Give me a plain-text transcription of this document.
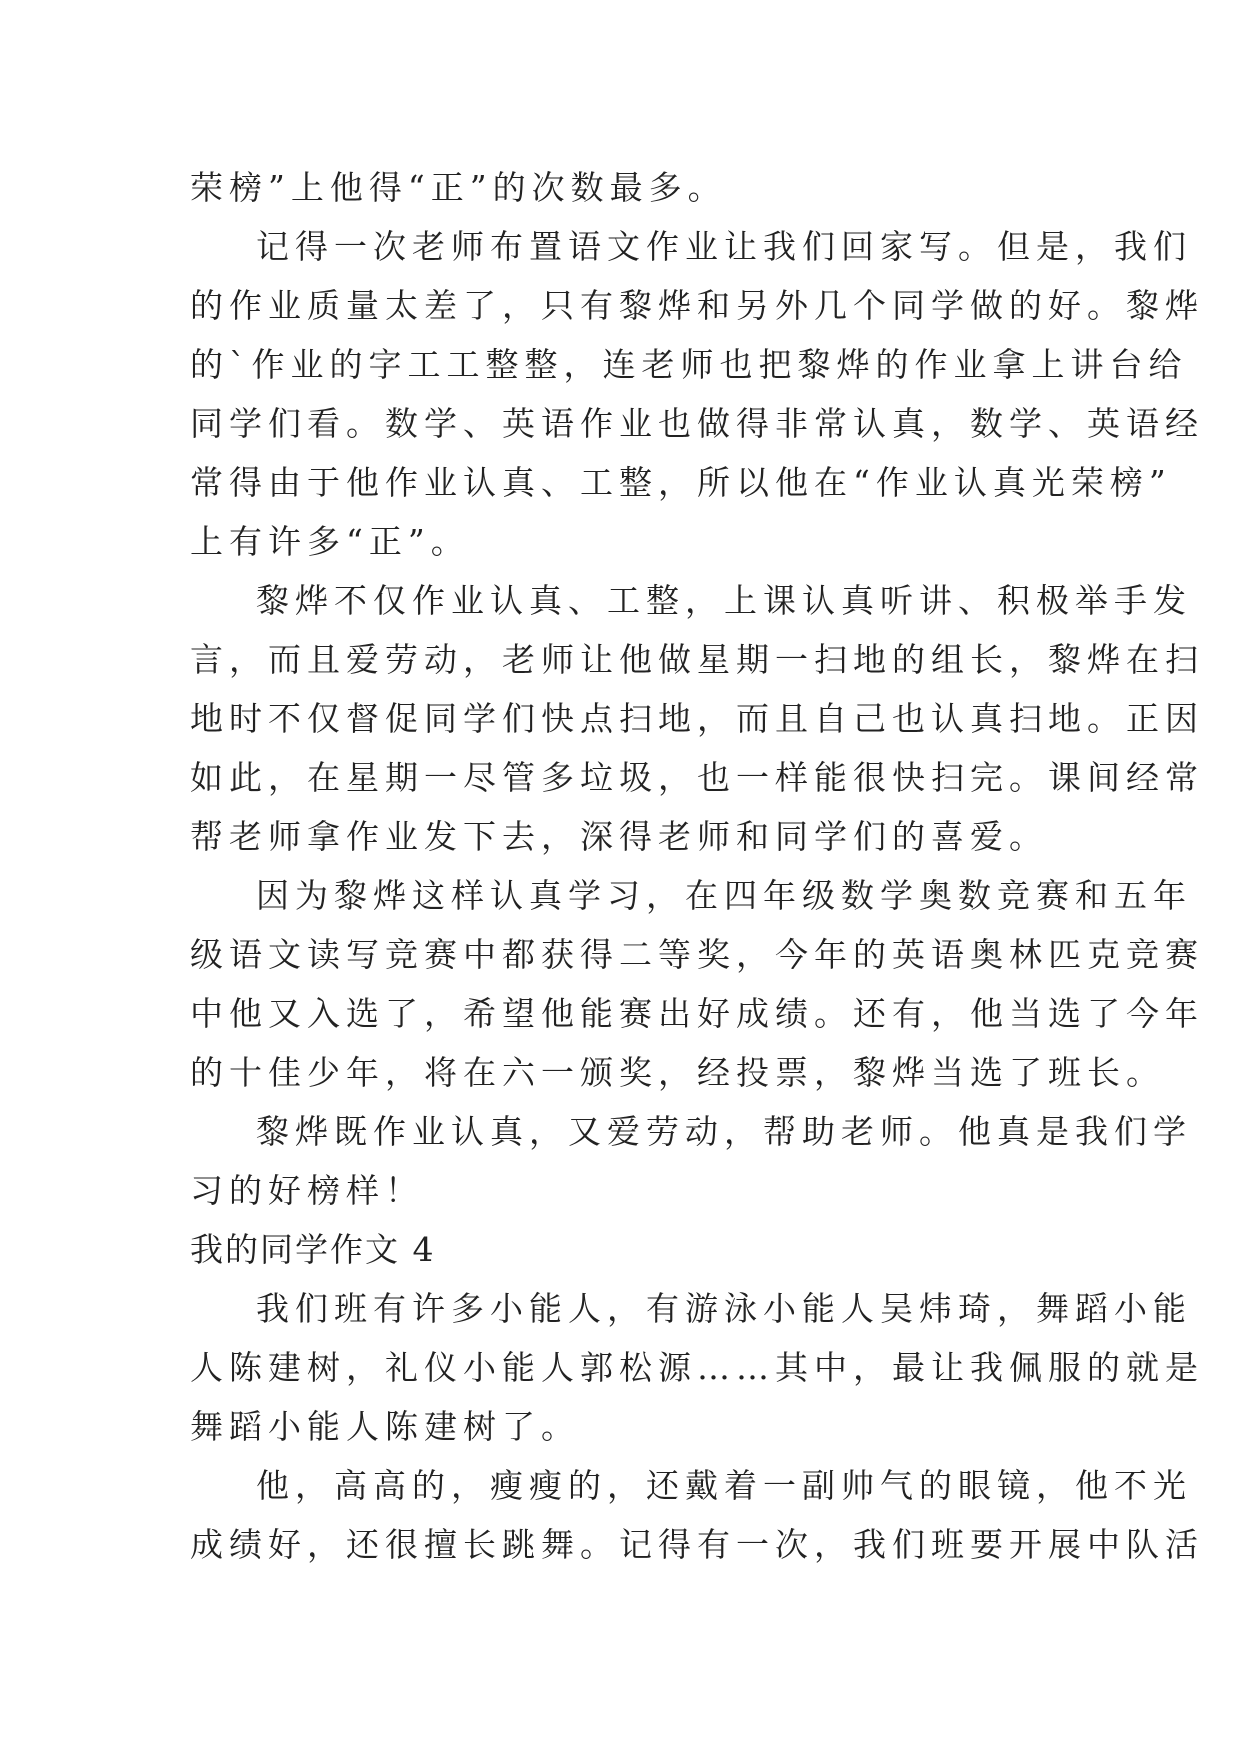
荣榜”上他得“正”的次数最多。
记得一次老师布置语文作业让我们回家写。但是，我们
的作业质量太差了，只有黎烨和另外几个同学做的好。黎烨
的`作业的字工工整整，连老师也把黎烨的作业拿上讲台给
同学们看。数学、英语作业也做得非常认真，数学、英语经
常得由于他作业认真、工整，所以他在“作业认真光荣榜”
上有许多“正”。
黎烨不仅作业认真、工整，上课认真听讲、积极举手发
言，而且爱劳动，老师让他做星期一扫地的组长，黎烨在扫
地时不仅督促同学们快点扫地，而且自己也认真扫地。正因
如此，在星期一尽管多垃圾，也一样能很快扫完。课间经常
帮老师拿作业发下去，深得老师和同学们的喜爱。
因为黎烨这样认真学习，在四年级数学奥数竞赛和五年
级语文读写竞赛中都获得二等奖，今年的英语奥林匹克竞赛
中他又入选了，希望他能赛出好成绩。还有，他当选了今年
的十佳少年，将在六一颁奖，经投票，黎烨当选了班长。
黎烨既作业认真，又爱劳动，帮助老师。他真是我们学
习的好榜样！
我的同学作文 4
我们班有许多小能人，有游泳小能人吴炜琦，舞蹈小能
人陈建树，礼仪小能人郭松源……其中，最让我佩服的就是
舞蹈小能人陈建树了。
他，高高的，瘦瘦的，还戴着一副帅气的眼镜，他不光
成绩好，还很擅长跳舞。记得有一次，我们班要开展中队活
